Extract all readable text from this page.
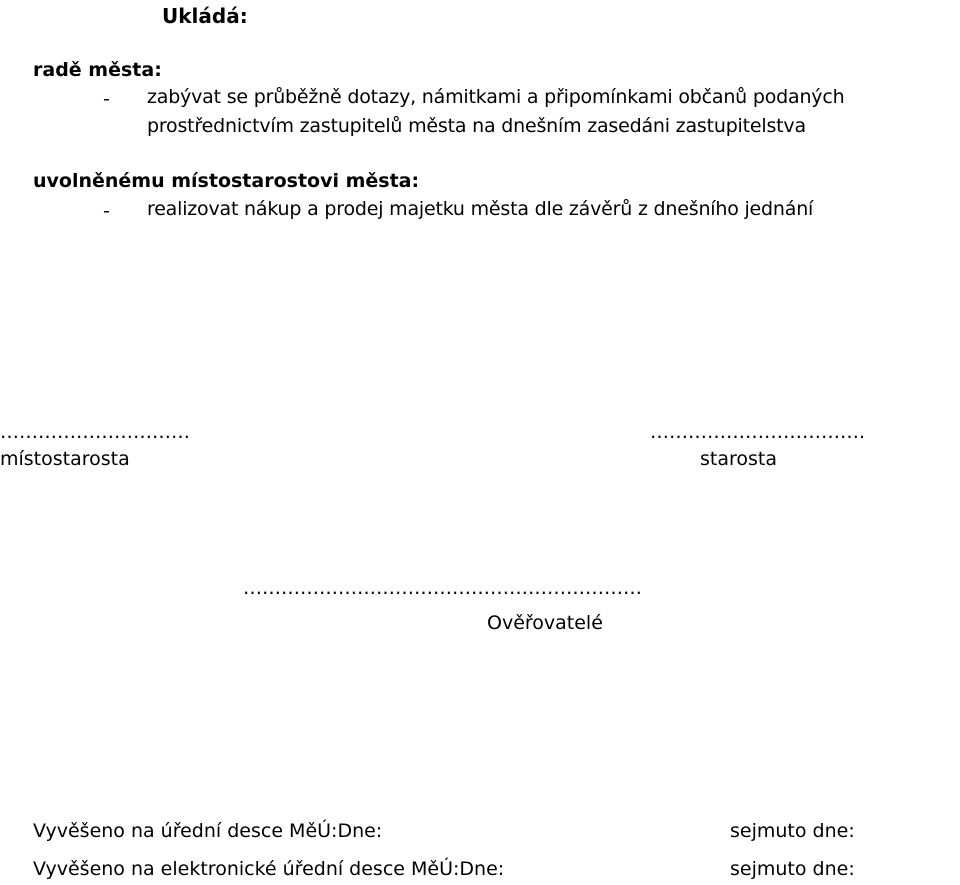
Ukládá:
radě města:
- zabývat se průběžně dotazy, námitkami a připomínkami občanů podaných
prostřednictvím zastupitelů města na dnešním zasedáni zastupitelstva
uvolněnému místostarostovi města:
- realizovat nákup a prodej majetku města dle závěrů z dnešního jednání
…………………………
místostarosta
…………………………….
starosta
………………………………………………………
Ověřovatelé
Vyvěšeno na úřední desce MěÚ:Dne:	sejmuto dne:
Vyvěšeno na elektronické úřední desce MěÚ:Dne:	sejmuto dne:
